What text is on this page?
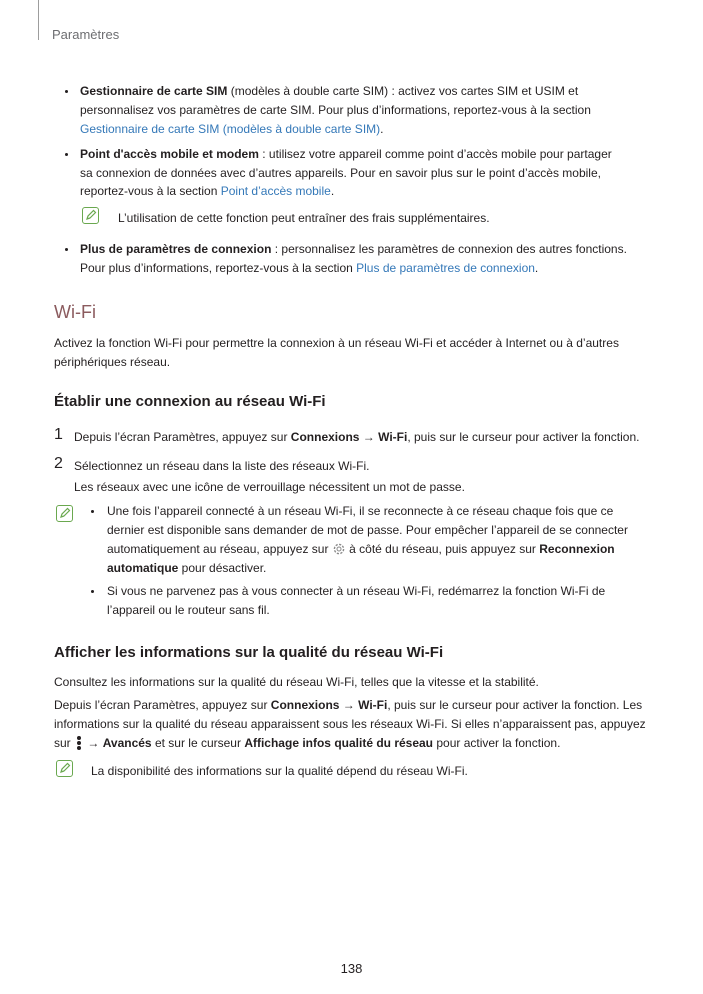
Paramètres
Gestionnaire de carte SIM (modèles à double carte SIM) : activez vos cartes SIM et USIM et
personnalisez vos paramètres de carte SIM. Pour plus d’informations, reportez-vous à la section
Gestionnaire de carte SIM (modèles à double carte SIM).
Point d'accès mobile et modem : utilisez votre appareil comme point d’accès mobile pour partager
sa connexion de données avec d’autres appareils. Pour en savoir plus sur le point d’accès mobile,
reportez-vous à la section Point d’accès mobile.
L’utilisation de cette fonction peut entraîner des frais supplémentaires.
Plus de paramètres de connexion : personnalisez les paramètres de connexion des autres fonctions.
Pour plus d’informations, reportez-vous à la section Plus de paramètres de connexion.
Wi-Fi
Activez la fonction Wi-Fi pour permettre la connexion à un réseau Wi-Fi et accéder à Internet ou à d’autres
périphériques réseau.
Établir une connexion au réseau Wi-Fi
1 Depuis l’écran Paramètres, appuyez sur Connexions → Wi-Fi, puis sur le curseur pour activer la fonction.
2 Sélectionnez un réseau dans la liste des réseaux Wi-Fi.
Les réseaux avec une icône de verrouillage nécessitent un mot de passe.
Une fois l’appareil connecté à un réseau Wi-Fi, il se reconnecte à ce réseau chaque fois que ce
dernier est disponible sans demander de mot de passe. Pour empêcher l’appareil de se connecter
automatiquement au réseau, appuyez sur  à côté du réseau, puis appuyez sur Reconnexion
automatique pour désactiver.
Si vous ne parvenez pas à vous connecter à un réseau Wi-Fi, redémarrez la fonction Wi-Fi de
l’appareil ou le routeur sans fil.
Afficher les informations sur la qualité du réseau Wi-Fi
Consultez les informations sur la qualité du réseau Wi-Fi, telles que la vitesse et la stabilité.
Depuis l’écran Paramètres, appuyez sur Connexions → Wi-Fi, puis sur le curseur pour activer la fonction. Les
informations sur la qualité du réseau apparaissent sous les réseaux Wi-Fi. Si elles n’apparaissent pas, appuyez
sur
→ Avancés et sur le curseur Affichage infos qualité du réseau pour activer la fonction.
La disponibilité des informations sur la qualité dépend du réseau Wi-Fi.
138
